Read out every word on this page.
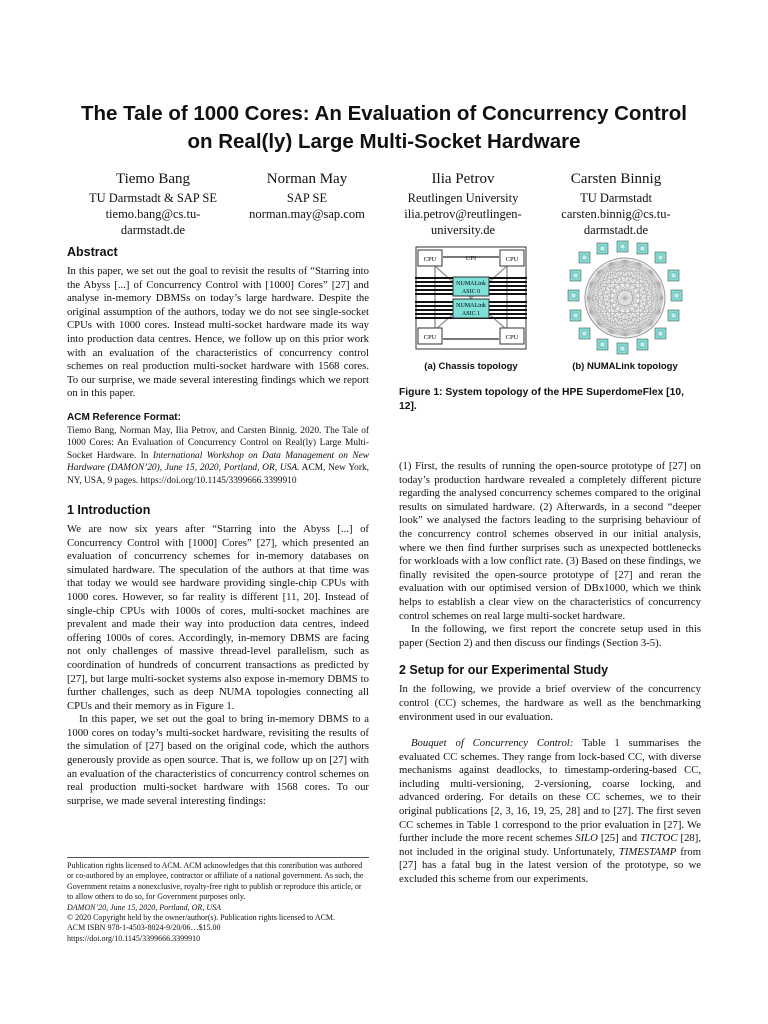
The Tale of 1000 Cores: An Evaluation of Concurrency Control
on Real(ly) Large Multi-Socket Hardware
Tiemo Bang
TU Darmstadt & SAP SE
tiemo.bang@cs.tu-
darmstadt.de
Norman May
SAP SE
norman.may@sap.com
Ilia Petrov
Reutlingen University
ilia.petrov@reutlingen-
university.de
Carsten Binnig
TU Darmstadt
carsten.binnig@cs.tu-
darmstadt.de
Abstract

In this paper, we set out the goal to revisit the results of “Starring into the Abyss [...] of Concurrency Control with [1000] Cores” [27] and analyse in-memory DBMSs on today’s large hardware. Despite the original assumption of the authors, today we do not see single-socket CPUs with 1000 cores. Instead multi-socket hardware made its way into production data centres. Hence, we follow up on this prior work with an evaluation of the characteristics of concurrency control schemes on real production multi-socket hardware with 1568 cores. To our surprise, we made several interesting findings which we report on in this paper.

ACM Reference Format:

Tiemo Bang, Norman May, Ilia Petrov, and Carsten Binnig. 2020. The Tale of 1000 Cores: An Evaluation of Concurrency Control on Real(ly) Large Multi-Socket Hardware. In International Workshop on Data Management on New Hardware (DAMON’20), June 15, 2020, Portland, OR, USA. ACM, New York, NY, USA, 9 pages. https://doi.org/10.1145/3399666.3399910

1 Introduction

We are now six years after “Starring into the Abyss [...] of Concurrency Control with [1000] Cores” [27], which presented an evaluation of concurrency schemes for in-memory databases on simulated hardware. The speculation of the authors at that time was that today we would see hardware providing single-chip CPUs with 1000 cores. However, so far reality is different [11, 20]. Instead of single-chip CPUs with 1000s of cores, multi-socket machines are prevalent and made their way into production data centres, indeed offering 1000s of cores. Accordingly, in-memory DBMS are facing not only challenges of massive thread-level parallelism, such as coordination of hundreds of concurrent transactions as predicted by [27], but large multi-socket systems also expose in-memory DBMS to further challenges, such as deep NUMA topologies connecting all CPUs and their memory as in Figure 1.

In this paper, we set out the goal to bring in-memory DBMS to a 1000 cores on today’s multi-socket hardware, revisiting the results of the simulation of [27] based on the original code, which the authors generously provide as open source. That is, we follow up on [27] with an evaluation of the characteristics of concurrency control schemes on real production multi-socket hardware with 1568 cores. To our surprise, we made several interesting findings:

Publication rights licensed to ACM. ACM acknowledges that this contribution was authored or co-authored by an employee, contractor or affiliate of a national government. As such, the Government retains a nonexclusive, royalty-free right to publish or reproduce this article, or to allow others to do so, for Government purposes only.

DAMON’20, June 15, 2020, Portland, OR, USA

© 2020 Copyright held by the owner/author(s). Publication rights licensed to ACM.

ACM ISBN 978-1-4503-8024-9/20/06…$15.00

https://doi.org/10.1145/3399666.3399910

CPU	CPU
CPU	CPU
UPI
NUMALink
ASIC 0
NUMALink
ASIC 1
(a) Chassis topology	(b) NUMALink topology
Figure 1: System topology of the HPE SuperdomeFlex [10, 12].

(1) First, the results of running the open-source prototype of [27] on today’s production hardware revealed a completely different picture regarding the analysed concurrency schemes compared to the original results on simulated hardware. (2) Afterwards, in a second “deeper look” we analysed the factors leading to the surprising behaviour of the concurrency control schemes observed in our initial analysis, where we then find further surprises such as unexpected bottlenecks for workloads with a low conflict rate. (3) Based on these findings, we finally revisited the open-source prototype of [27] and reran the evaluation with our optimised version of DBx1000, which we think helps to establish a clear view on the characteristics of concurrency control schemes on real large multi-socket hardware.

In the following, we first report the concrete setup used in this paper (Section 2) and then discuss our findings (Section 3-5).

2 Setup for our Experimental Study

In the following, we provide a brief overview of the concurrency control (CC) schemes, the hardware as well as the benchmarking environment used in our evaluation.

Bouquet of Concurrency Control: Table 1 summarises the evaluated CC schemes. They range from lock-based CC, with diverse mechanisms against deadlocks, to timestamp-ordering-based CC, including multi-versioning, 2-versioning, coarse locking, and advanced ordering. For details on these CC schemes, we to their original publications [2, 3, 16, 19, 25, 28] and to [27]. The first seven CC schemes in Table 1 correspond to the prior evaluation in [27]. We further include the more recent schemes SILO [25] and TICTOC [28], not included in the original study. Unfortunately, TIMESTAMP from [27] has a fatal bug in the latest version of the prototype, so we excluded this scheme from our experiments.
